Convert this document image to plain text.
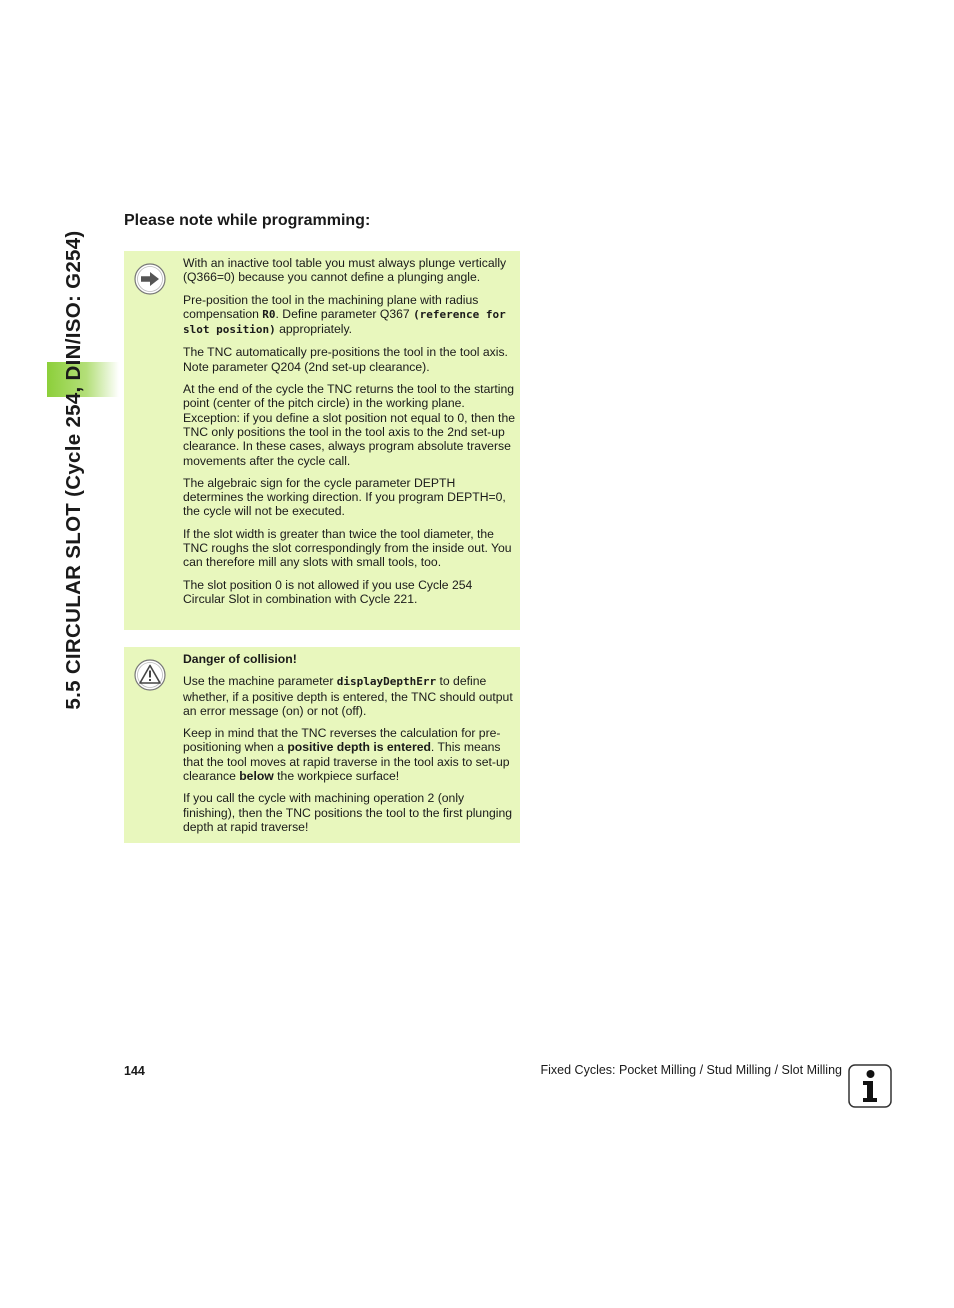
5.5 CIRCULAR SLOT (Cycle 254, DIN/ISO: G254)
Please note while programming:

With an inactive tool table you must always plunge vertically (Q366=0) because you cannot define a plunging angle.

Pre-position the tool in the machining plane with radius compensation R0. Define parameter Q367 (reference for slot position) appropriately.

The TNC automatically pre-positions the tool in the tool axis. Note parameter Q204 (2nd set-up clearance).

At the end of the cycle the TNC returns the tool to the starting point (center of the pitch circle) in the working plane. Exception: if you define a slot position not equal to 0, then the TNC only positions the tool in the tool axis to the 2nd set-up clearance. In these cases, always program absolute traverse movements after the cycle call.

The algebraic sign for the cycle parameter DEPTH determines the working direction. If you program DEPTH=0, the cycle will not be executed.

If the slot width is greater than twice the tool diameter, the TNC roughs the slot correspondingly from the inside out. You can therefore mill any slots with small tools, too.

The slot position 0 is not allowed if you use Cycle 254 Circular Slot in combination with Cycle 221.

Danger of collision!

Use the machine parameter displayDepthErr to define whether, if a positive depth is entered, the TNC should output an error message (on) or not (off).

Keep in mind that the TNC reverses the calculation for pre-positioning when a positive depth is entered. This means that the tool moves at rapid traverse in the tool axis to set-up clearance below the workpiece surface!

If you call the cycle with machining operation 2 (only finishing), then the TNC positions the tool to the first plunging depth at rapid traverse!

144	Fixed Cycles: Pocket Milling / Stud Milling / Slot Milling
